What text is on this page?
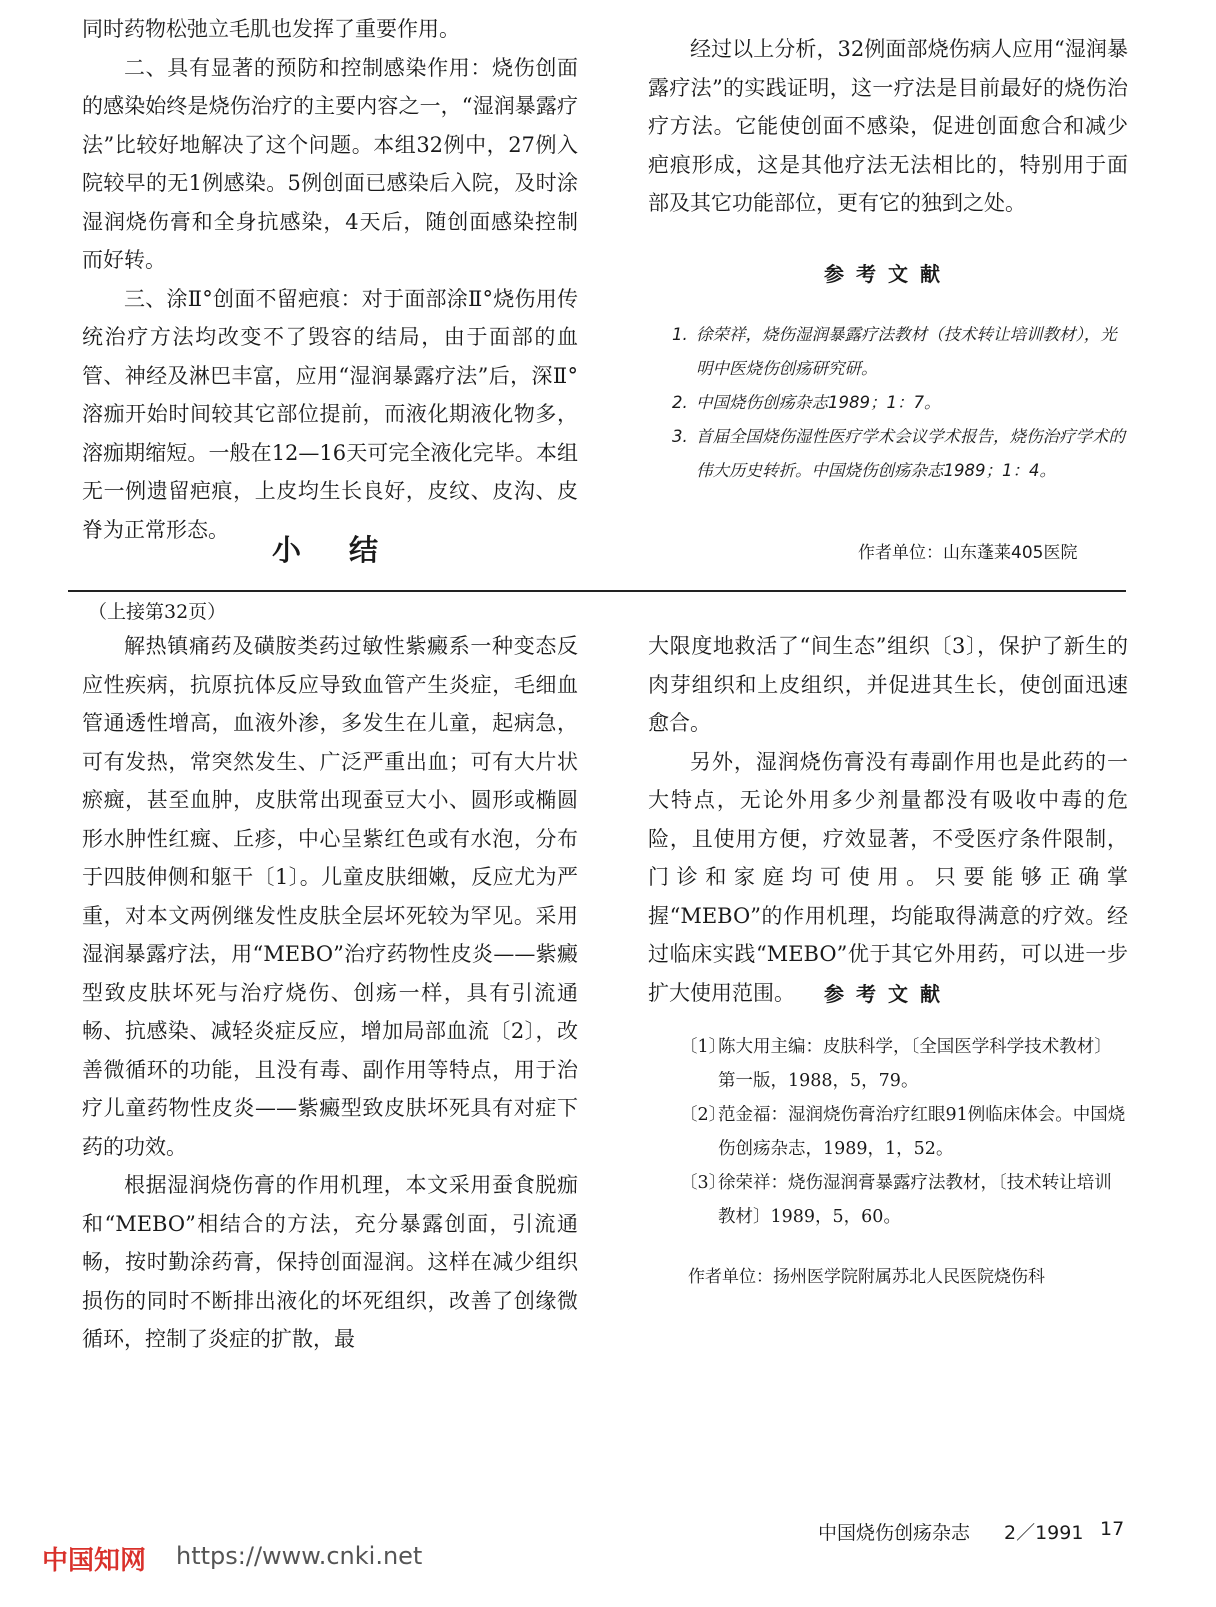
同时药物松弛立毛肌也发挥了重要作用。

二、具有显著的预防和控制感染作用：烧伤创面的感染始终是烧伤治疗的主要内容之一，“湿润暴露疗法”比较好地解决了这个问题。本组32例中，27例入院较早的无1例感染。5例创面已感染后入院，及时涂湿润烧伤膏和全身抗感染，4天后，随创面感染控制而好转。

三、涂Ⅱ°创面不留疤痕：对于面部涂Ⅱ°烧伤用传统治疗方法均改变不了毁容的结局，由于面部的血管、神经及淋巴丰富，应用“湿润暴露疗法”后，深Ⅱ°溶痂开始时间较其它部位提前，而液化期液化物多，溶痂期缩短。一般在12—16天可完全液化完毕。本组无一例遗留疤痕，上皮均生长良好，皮纹、皮沟、皮脊为正常形态。

小结

经过以上分析，32例面部烧伤病人应用“湿润暴露疗法”的实践证明，这一疗法是目前最好的烧伤治疗方法。它能使创面不感染，促进创面愈合和减少疤痕形成，这是其他疗法无法相比的，特别用于面部及其它功能部位，更有它的独到之处。

参考文献

1. 徐荣祥，烧伤湿润暴露疗法教材（技术转让培训教材），光明中医烧伤创疡研究研。
2. 中国烧伤创疡杂志1989；1：7。
3. 首届全国烧伤湿性医疗学术会议学术报告，烧伤治疗学术的伟大历史转折。中国烧伤创疡杂志1989；1：4。
作者单位：山东蓬莱405医院
（上接第32页）

解热镇痛药及磺胺类药过敏性紫癜系一种变态反应性疾病，抗原抗体反应导致血管产生炎症，毛细血管通透性增高，血液外渗，多发生在儿童，起病急，可有发热，常突然发生、广泛严重出血；可有大片状瘀癍，甚至血肿，皮肤常出现蚕豆大小、圆形或椭圆形水肿性红癍、丘疹，中心呈紫红色或有水泡，分布于四肢伸侧和躯干〔1〕。儿童皮肤细嫩，反应尤为严重，对本文两例继发性皮肤全层坏死较为罕见。采用湿润暴露疗法，用“MEBO”治疗药物性皮炎——紫癜型致皮肤坏死与治疗烧伤、创疡一样，具有引流通畅、抗感染、减轻炎症反应，增加局部血流〔2〕，改善微循环的功能，且没有毒、副作用等特点，用于治疗儿童药物性皮炎——紫癜型致皮肤坏死具有对症下药的功效。

根据湿润烧伤膏的作用机理，本文采用蚕食脱痂和“MEBO”相结合的方法，充分暴露创面，引流通畅，按时勤涂药膏，保持创面湿润。这样在减少组织损伤的同时不断排出液化的坏死组织，改善了创缘微循环，控制了炎症的扩散，最

大限度地救活了“间生态”组织〔3〕，保护了新生的肉芽组织和上皮组织，并促进其生长，使创面迅速愈合。

另外，湿润烧伤膏没有毒副作用也是此药的一大特点，无论外用多少剂量都没有吸收中毒的危险，且使用方便，疗效显著，不受医疗条件限制，门诊和家庭均可使用。只要能够正确掌握“MEBO”的作用机理，均能取得满意的疗效。经过临床实践“MEBO”优于其它外用药，可以进一步扩大使用范围。	参考文献

〔1〕
陈大用主编：皮肤科学，〔全国医学科学技术教材〕第一版，1988，5，79。
〔2〕
范金福：湿润烧伤膏治疗红眼91例临床体会。中国烧伤创疡杂志，1989，1，52。
〔3〕
徐荣祥：烧伤湿润膏暴露疗法教材，〔技术转让培训教材〕1989，5，60。
作者单位：扬州医学院附属苏北人民医院烧伤科
中国知网 https://www.cnki.net
中国烧伤创疡杂志 2／1991 17
